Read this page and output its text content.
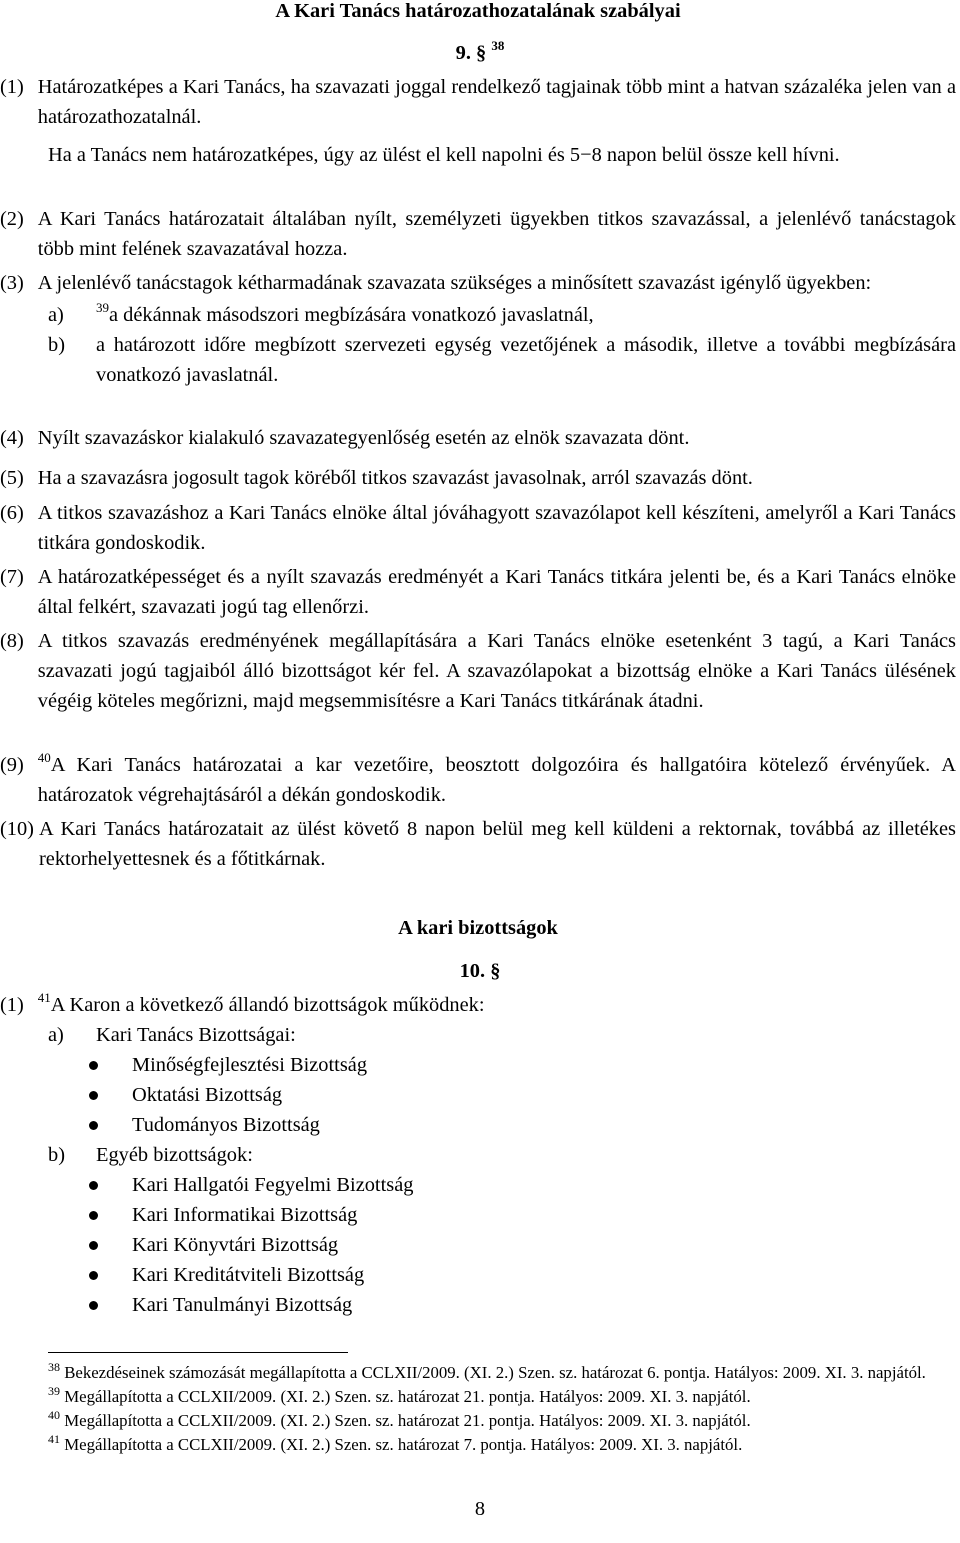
A Kari Tanács határozathozatalának szabályai
9. § $^{38}$
(1) Határozatképes a Kari Tanács, ha szavazati joggal rendelkező tagjainak több mint a hatvan százaléka jelen van a határozathozatalnál.
Ha a Tanács nem határozatképes, úgy az ülést el kell napolni és 5−8 napon belül össze kell hívni.
(2) A Kari Tanács határozatait általában nyílt, személyzeti ügyekben titkos szavazással, a jelenlévő tanácstagok több mint felének szavazatával hozza.
(3) A jelenlévő tanácstagok kétharmadának szavazata szükséges a minősített szavazást igénylő ügyekben:
a)	$^{39}$a dékánnak másodszori megbízására vonatkozó javaslatnál,
b)	a határozott időre megbízott szervezeti egység vezetőjének a második, illetve a további megbízására vonatkozó javaslatnál.
(4) Nyílt szavazáskor kialakuló szavazategyenlőség esetén az elnök szavazata dönt.
(5) Ha a szavazásra jogosult tagok köréből titkos szavazást javasolnak, arról szavazás dönt.
(6) A titkos szavazáshoz a Kari Tanács elnöke által jóváhagyott szavazólapot kell készíteni, amelyről a Kari Tanács titkára gondoskodik.
(7) A határozatképességet és a nyílt szavazás eredményét a Kari Tanács titkára jelenti be, és a Kari Tanács elnöke által felkért, szavazati jogú tag ellenőrzi.
(8) A titkos szavazás eredményének megállapítására a Kari Tanács elnöke esetenként 3 tagú, a Kari Tanács szavazati jogú tagjaiból álló bizottságot kér fel. A szavazólapokat a bizottság elnöke a Kari Tanács ülésének végéig köteles megőrizni, majd megsemmisítésre a Kari Tanács titkárának átadni.
(9)	$^{40}$A Kari Tanács határozatai a kar vezetőire, beosztott dolgozóira és hallgatóira kötelező érvényűek. A határozatok végrehajtásáról a dékán gondoskodik.
(10) A Kari Tanács határozatait az ülést követő 8 napon belül meg kell küldeni a rektornak, továbbá az illetékes rektorhelyettesnek és a főtitkárnak.
A kari bizottságok
10. §
(1)	$^{41}$A Karon a következő állandó bizottságok működnek:
a)	Kari Tanács Bizottságai:
Minőségfejlesztési Bizottság
Oktatási Bizottság
Tudományos Bizottság
b)	Egyéb bizottságok:
Kari Hallgatói Fegyelmi Bizottság
Kari Informatikai Bizottság
Kari Könyvtári Bizottság
Kari Kreditátviteli Bizottság
Kari Tanulmányi Bizottság

$^{38}$ Bekezdéseinek számozását megállapította a CCLXII/2009. (XI. 2.) Szen. sz. határozat 6. pontja. Hatályos: 2009. XI. 3. napjától.

$^{39}$ Megállapította a CCLXII/2009. (XI. 2.) Szen. sz. határozat 21. pontja. Hatályos: 2009. XI. 3. napjától.

$^{40}$ Megállapította a CCLXII/2009. (XI. 2.) Szen. sz. határozat 21. pontja. Hatályos: 2009. XI. 3. napjától.

$^{41}$ Megállapította a CCLXII/2009. (XI. 2.) Szen. sz. határozat 7. pontja. Hatályos: 2009. XI. 3. napjától.

8
